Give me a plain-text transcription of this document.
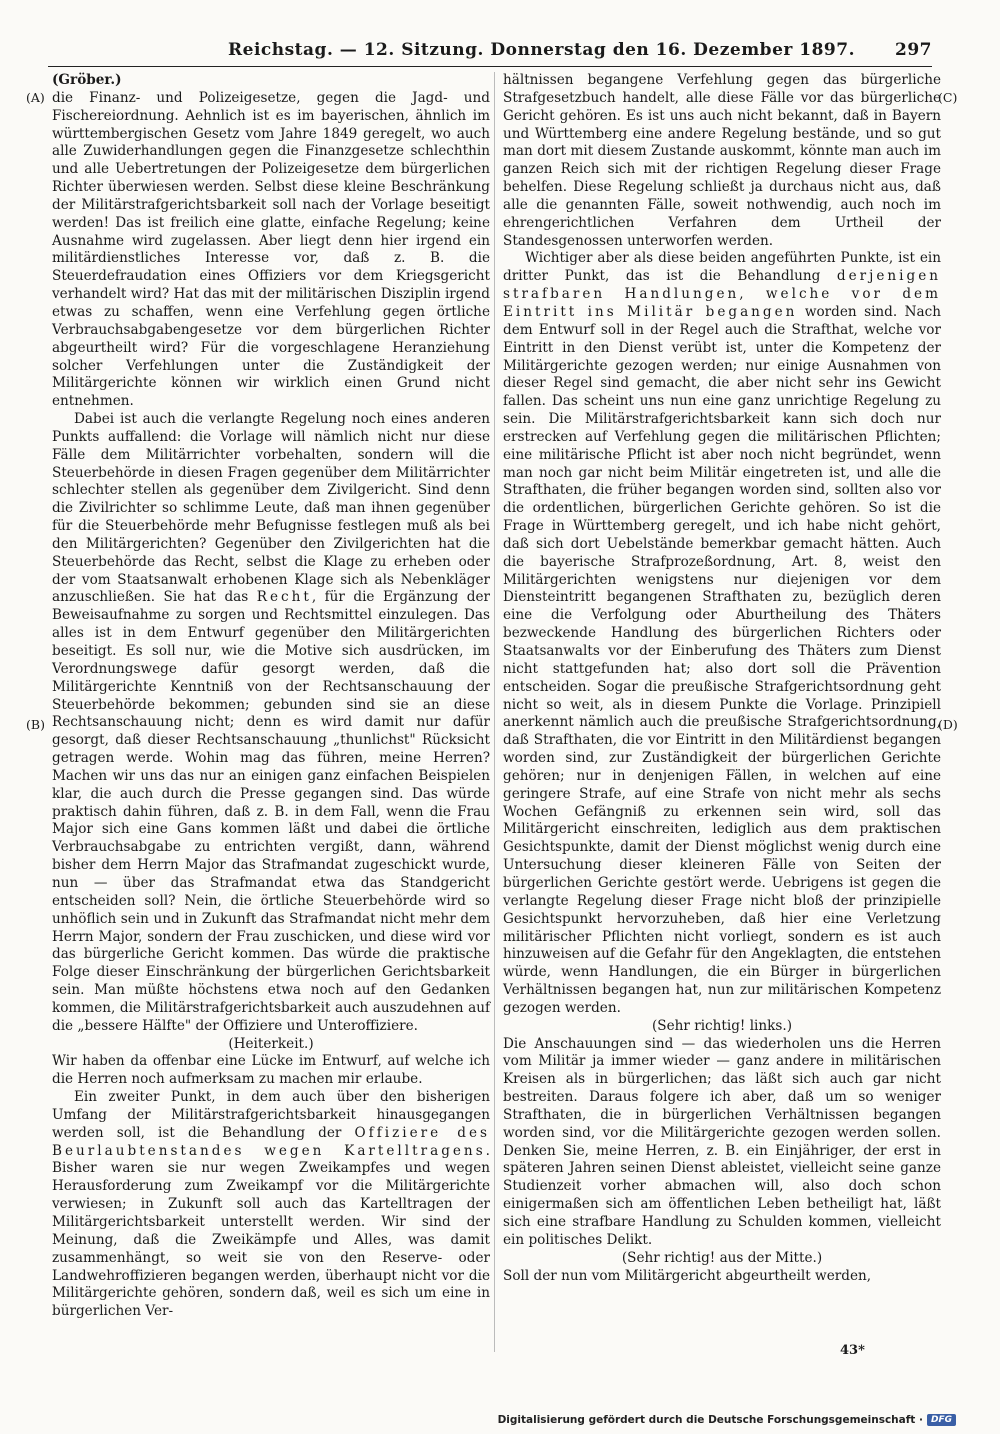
Reichstag. — 12. Sitzung. Donnerstag den 16. Dezember 1897. 297
(A)
(B)
(C)
(D)

(Gröber.)

die Finanz- und Polizeigesetze, gegen die Jagd- und Fischereiordnung. Aehnlich ist es im bayerischen, ähnlich im württembergischen Gesetz vom Jahre 1849 geregelt, wo auch alle Zuwiderhandlungen gegen die Finanzgesetze schlechthin und alle Uebertretungen der Polizeigesetze dem bürgerlichen Richter überwiesen werden. Selbst diese kleine Beschränkung der Militärstrafgerichtsbarkeit soll nach der Vorlage beseitigt werden! Das ist freilich eine glatte, einfache Regelung; keine Ausnahme wird zugelassen. Aber liegt denn hier irgend ein militärdienstliches Interesse vor, daß z. B. die Steuerdefraudation eines Offiziers vor dem Kriegsgericht verhandelt wird? Hat das mit der militärischen Disziplin irgend etwas zu schaffen, wenn eine Verfehlung gegen örtliche Verbrauchsabgabengesetze vor dem bürgerlichen Richter abgeurtheilt wird? Für die vorgeschlagene Heranziehung solcher Verfehlungen unter die Zuständigkeit der Militärgerichte können wir wirklich einen Grund nicht entnehmen.

Dabei ist auch die verlangte Regelung noch eines anderen Punkts auffallend: die Vorlage will nämlich nicht nur diese Fälle dem Militärrichter vorbehalten, sondern will die Steuerbehörde in diesen Fragen gegenüber dem Militärrichter schlechter stellen als gegenüber dem Zivilgericht. Sind denn die Zivilrichter so schlimme Leute, daß man ihnen gegenüber für die Steuerbehörde mehr Befugnisse festlegen muß als bei den Militärgerichten? Gegenüber den Zivilgerichten hat die Steuerbehörde das Recht, selbst die Klage zu erheben oder der vom Staatsanwalt erhobenen Klage sich als Nebenkläger anzuschließen. Sie hat das Recht, für die Ergänzung der Beweisaufnahme zu sorgen und Rechtsmittel einzulegen. Das alles ist in dem Entwurf gegenüber den Militärgerichten beseitigt. Es soll nur, wie die Motive sich ausdrücken, im Verordnungswege dafür gesorgt werden, daß die Militärgerichte Kenntniß von der Rechtsanschauung der Steuerbehörde bekommen; gebunden sind sie an diese Rechtsanschauung nicht; denn es wird damit nur dafür gesorgt, daß dieser Rechtsanschauung „thunlichst" Rücksicht getragen werde. Wohin mag das führen, meine Herren? Machen wir uns das nur an einigen ganz einfachen Beispielen klar, die auch durch die Presse gegangen sind. Das würde praktisch dahin führen, daß z. B. in dem Fall, wenn die Frau Major sich eine Gans kommen läßt und dabei die örtliche Verbrauchsabgabe zu entrichten vergißt, dann, während bisher dem Herrn Major das Strafmandat zugeschickt wurde, nun — über das Strafmandat etwa das Standgericht entscheiden soll? Nein, die örtliche Steuerbehörde wird so unhöflich sein und in Zukunft das Strafmandat nicht mehr dem Herrn Major, sondern der Frau zuschicken, und diese wird vor das bürgerliche Gericht kommen. Das würde die praktische Folge dieser Einschränkung der bürgerlichen Gerichtsbarkeit sein. Man müßte höchstens etwa noch auf den Gedanken kommen, die Militärstrafgerichtsbarkeit auch auszudehnen auf die „bessere Hälfte" der Offiziere und Unteroffiziere.

(Heiterkeit.)

Wir haben da offenbar eine Lücke im Entwurf, auf welche ich die Herren noch aufmerksam zu machen mir erlaube.

Ein zweiter Punkt, in dem auch über den bisherigen Umfang der Militärstrafgerichtsbarkeit hinausgegangen werden soll, ist die Behandlung der Offiziere des Beurlaubtenstandes wegen Kartelltragens. Bisher waren sie nur wegen Zweikampfes und wegen Herausforderung zum Zweikampf vor die Militärgerichte verwiesen; in Zukunft soll auch das Kartelltragen der Militärgerichtsbarkeit unterstellt werden. Wir sind der Meinung, daß die Zweikämpfe und Alles, was damit zusammenhängt, so weit sie von den Reserve- oder Landwehroffizieren begangen werden, überhaupt nicht vor die Militärgerichte gehören, sondern daß, weil es sich um eine in bürgerlichen Ver-

hältnissen begangene Verfehlung gegen das bürgerliche Strafgesetzbuch handelt, alle diese Fälle vor das bürgerliche Gericht gehören. Es ist uns auch nicht bekannt, daß in Bayern und Württemberg eine andere Regelung bestände, und so gut man dort mit diesem Zustande auskommt, könnte man auch im ganzen Reich sich mit der richtigen Regelung dieser Frage behelfen. Diese Regelung schließt ja durchaus nicht aus, daß alle die genannten Fälle, soweit nothwendig, auch noch im ehrengerichtlichen Verfahren dem Urtheil der Standesgenossen unterworfen werden.

Wichtiger aber als diese beiden angeführten Punkte, ist ein dritter Punkt, das ist die Behandlung derjenigen strafbaren Handlungen, welche vor dem Eintritt ins Militär begangen worden sind. Nach dem Entwurf soll in der Regel auch die Strafthat, welche vor Eintritt in den Dienst verübt ist, unter die Kompetenz der Militärgerichte gezogen werden; nur einige Ausnahmen von dieser Regel sind gemacht, die aber nicht sehr ins Gewicht fallen. Das scheint uns nun eine ganz unrichtige Regelung zu sein. Die Militärstrafgerichtsbarkeit kann sich doch nur erstrecken auf Verfehlung gegen die militärischen Pflichten; eine militärische Pflicht ist aber noch nicht begründet, wenn man noch gar nicht beim Militär eingetreten ist, und alle die Strafthaten, die früher begangen worden sind, sollten also vor die ordentlichen, bürgerlichen Gerichte gehören. So ist die Frage in Württemberg geregelt, und ich habe nicht gehört, daß sich dort Uebelstände bemerkbar gemacht hätten. Auch die bayerische Strafprozeßordnung, Art. 8, weist den Militärgerichten wenigstens nur diejenigen vor dem Diensteintritt begangenen Strafthaten zu, bezüglich deren eine die Verfolgung oder Aburtheilung des Thäters bezweckende Handlung des bürgerlichen Richters oder Staatsanwalts vor der Einberufung des Thäters zum Dienst nicht stattgefunden hat; also dort soll die Prävention entscheiden. Sogar die preußische Strafgerichtsordnung geht nicht so weit, als in diesem Punkte die Vorlage. Prinzipiell anerkennt nämlich auch die preußische Strafgerichtsordnung, daß Strafthaten, die vor Eintritt in den Militärdienst begangen worden sind, zur Zuständigkeit der bürgerlichen Gerichte gehören; nur in denjenigen Fällen, in welchen auf eine geringere Strafe, auf eine Strafe von nicht mehr als sechs Wochen Gefängniß zu erkennen sein wird, soll das Militärgericht einschreiten, lediglich aus dem praktischen Gesichtspunkte, damit der Dienst möglichst wenig durch eine Untersuchung dieser kleineren Fälle von Seiten der bürgerlichen Gerichte gestört werde. Uebrigens ist gegen die verlangte Regelung dieser Frage nicht bloß der prinzipielle Gesichtspunkt hervorzuheben, daß hier eine Verletzung militärischer Pflichten nicht vorliegt, sondern es ist auch hinzuweisen auf die Gefahr für den Angeklagten, die entstehen würde, wenn Handlungen, die ein Bürger in bürgerlichen Verhältnissen begangen hat, nun zur militärischen Kompetenz gezogen werden.

(Sehr richtig! links.)

Die Anschauungen sind — das wiederholen uns die Herren vom Militär ja immer wieder — ganz andere in militärischen Kreisen als in bürgerlichen; das läßt sich auch gar nicht bestreiten. Daraus folgere ich aber, daß um so weniger Strafthaten, die in bürgerlichen Verhältnissen begangen worden sind, vor die Militärgerichte gezogen werden sollen. Denken Sie, meine Herren, z. B. ein Einjähriger, der erst in späteren Jahren seinen Dienst ableistet, vielleicht seine ganze Studienzeit vorher abmachen will, also doch schon einigermaßen sich am öffentlichen Leben betheiligt hat, läßt sich eine strafbare Handlung zu Schulden kommen, vielleicht ein politisches Delikt.

(Sehr richtig! aus der Mitte.)

Soll der nun vom Militärgericht abgeurtheilt werden,

43*
Digitalisierung gefördert durch die Deutsche Forschungsgemeinschaft · DFG
